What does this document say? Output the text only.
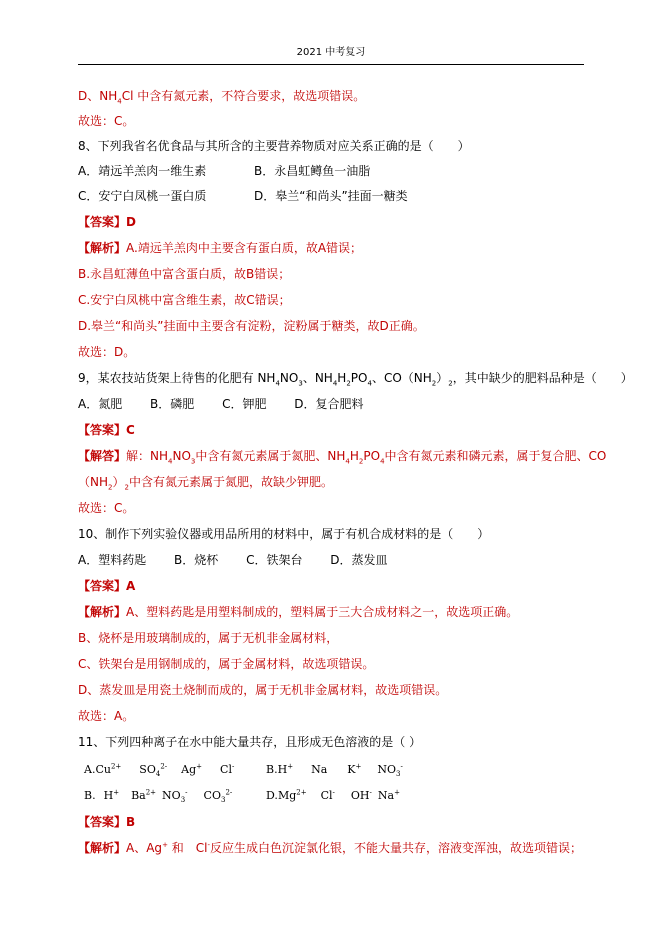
2021 中考复习
D、$NH_4Cl$ 中含有氮元素，不符合要求，故选项错误。
故选：C。
8、下列我省名优食品与其所含的主要营养物质对应关系正确的是（　　）
A．靖远羊羔肉一维生素	B．永昌虹鳟鱼一油脂
C．安宁白凤桃一蛋白质	D．皋兰“和尚头”挂面一糖类
【答案】D
【解析】A.靖远羊羔肉中主要含有蛋白质，故A错误；
B.永昌虹薄鱼中富含蛋白质，故B错误；
C.安宁白凤桃中富含维生素，故C错误；
D.皋兰“和尚头”挂面中主要含有淀粉，淀粉属于糖类，故D正确。
故选：D。
9，某农技站货架上待售的化肥有 $NH_4NO_3$、$NH_4H_2PO_4$、$CO(NH_2)_2$，其中缺少的肥料品种是（　　）
A．氮肥　　 B．磷肥　　 C．钾肥　　 D．复合肥料
【答案】C
【解答】解：$NH_4NO_3$中含有氮元素属于氮肥、$NH_4H_2PO_4$中含有氮元素和磷元素，属于复合肥、CO
$(NH_2)_2$中含有氮元素属于氮肥，故缺少钾肥。
故选：C。
10、制作下列实验仪器或用品所用的材料中，属于有机合成材料的是（　　）
A．塑料药匙　　 B．烧杯　　 C．铁架台　　 D．蒸发皿
【答案】A
【解析】A、塑料药匙是用塑料制成的，塑料属于三大合成材料之一，故选项正确。
B、烧杯是用玻璃制成的，属于无机非金属材料，
C、铁架台是用钢制成的，属于金属材料，故选项错误。
D、蒸发皿是用瓷土烧制而成的，属于无机非金属材料，故选项错误。
故选：A。
11、下列四种离子在水中能大量共存，且形成无色溶液的是（ ）
$A.Cu^{2+}$ $SO_4^{2-}$ Ag+ Cl-	B.H+ Na K+ $NO_3^-$
B. H+ $Ba^{2+}$ $NO_3^-$ $CO_3^{2-}$	$D.Mg^{2+}$ Cl- OH- Na+
【答案】B
【解析】A、Ag+ 和　Cl-反应生成白色沉淀氯化银，不能大量共存，溶液变浑浊，故选项错误；
